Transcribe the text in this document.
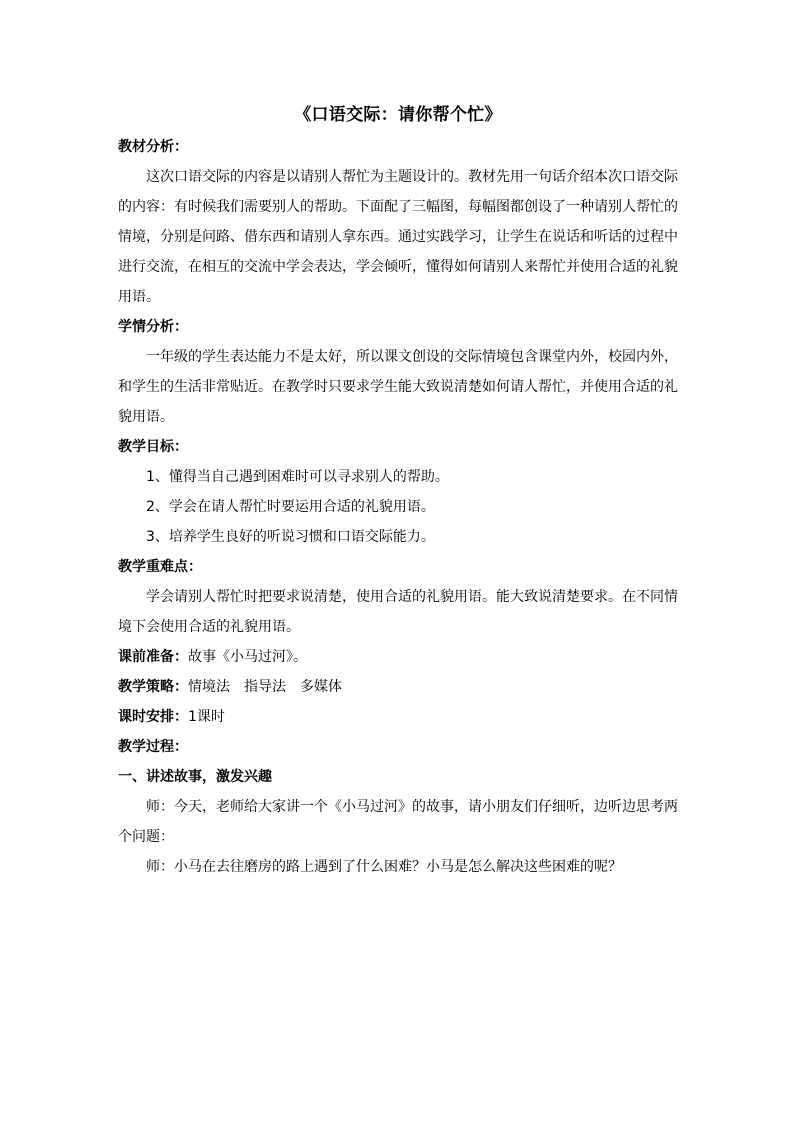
《口语交际：请你帮个忙》

教材分析：

这次口语交际的内容是以请别人帮忙为主题设计的。教材先用一句话介绍本次口语交际的内容：有时候我们需要别人的帮助。下面配了三幅图，每幅图都创设了一种请别人帮忙的情境，分别是问路、借东西和请别人拿东西。通过实践学习，让学生在说话和听话的过程中进行交流，在相互的交流中学会表达，学会倾听，懂得如何请别人来帮忙并使用合适的礼貌用语。

学情分析：

一年级的学生表达能力不是太好，所以课文创设的交际情境包含课堂内外，校园内外，和学生的生活非常贴近。在教学时只要求学生能大致说清楚如何请人帮忙，并使用合适的礼貌用语。

教学目标：

1、懂得当自己遇到困难时可以寻求别人的帮助。

2、学会在请人帮忙时要运用合适的礼貌用语。

3、培养学生良好的听说习惯和口语交际能力。

教学重难点：

学会请别人帮忙时把要求说清楚，使用合适的礼貌用语。能大致说清楚要求。在不同情境下会使用合适的礼貌用语。

课前准备：故事《小马过河》。

教学策略：情境法　指导法　多媒体

课时安排：1课时

教学过程：

一、讲述故事，激发兴趣

师：今天，老师给大家讲一个《小马过河》的故事，请小朋友们仔细听，边听边思考两个问题：

师：小马在去往磨房的路上遇到了什么困难？小马是怎么解决这些困难的呢？
